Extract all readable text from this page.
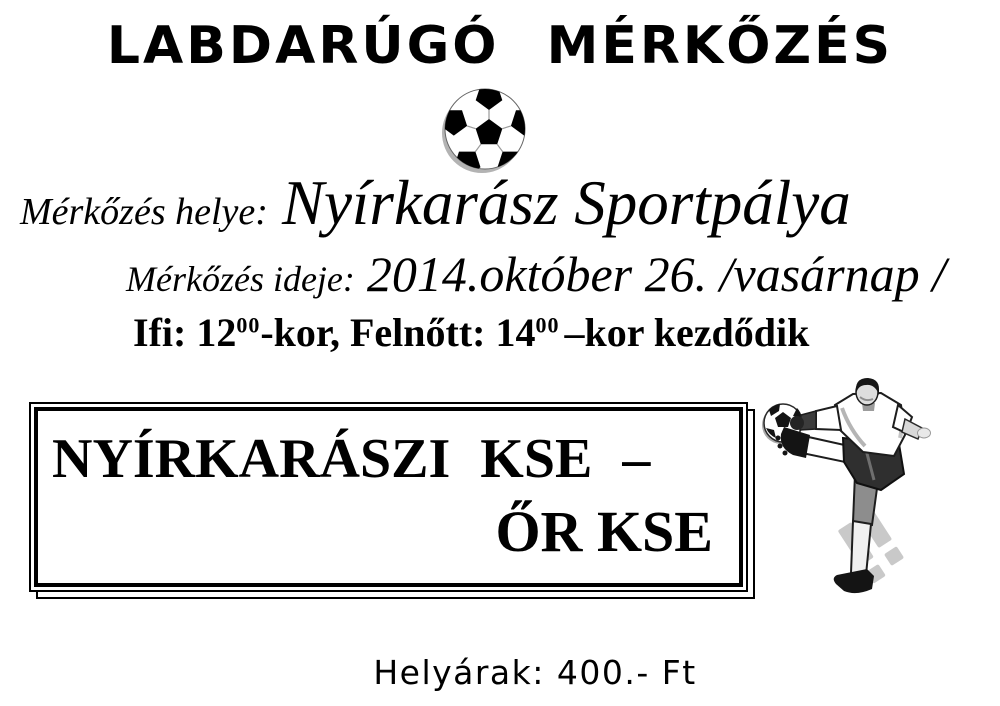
LABDARÚGÓ MÉRKŐZÉS
Mérkőzés helye: Nyírkarász Sportpálya
Mérkőzés ideje: 2014.október 26. /vasárnap /
Ifi: $12^{00}$-kor, Felnőtt: $14^{00}$ –kor kezdődik
NYÍRKARÁSZI KSE –
ŐR KSE
Helyárak: 400.- Ft
